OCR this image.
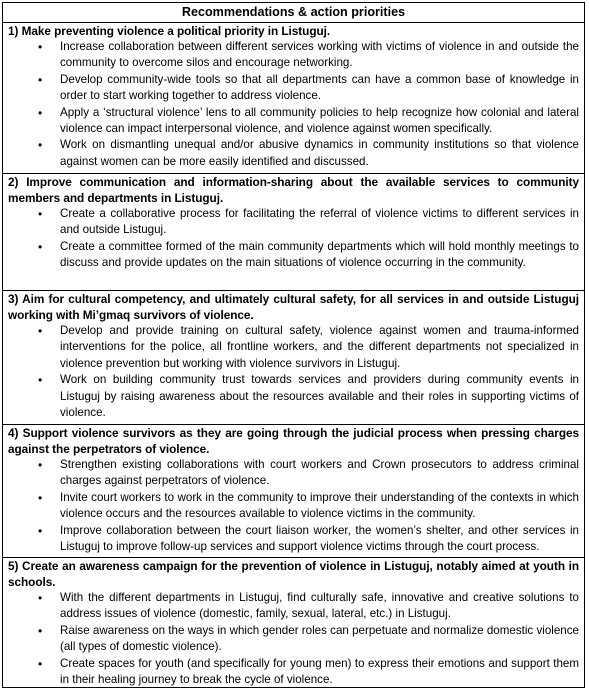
Recommendations & action priorities
1) Make preventing violence a political priority in Listuguj.
• Increase collaboration between different services working with victims of violence in and outside the community to overcome silos and encourage networking.
• Develop community-wide tools so that all departments can have a common base of knowledge in order to start working together to address violence.
• Apply a ‘structural violence’ lens to all community policies to help recognize how colonial and lateral violence can impact interpersonal violence, and violence against women specifically.
• Work on dismantling unequal and/or abusive dynamics in community institutions so that violence against women can be more easily identified and discussed.
2) Improve communication and information-sharing about the available services to community members and departments in Listuguj.
• Create a collaborative process for facilitating the referral of violence victims to different services in and outside Listuguj.
• Create a committee formed of the main community departments which will hold monthly meetings to discuss and provide updates on the main situations of violence occurring in the community.
3) Aim for cultural competency, and ultimately cultural safety, for all services in and outside Listuguj working with Mi’gmaq survivors of violence.
• Develop and provide training on cultural safety, violence against women and trauma-informed interventions for the police, all frontline workers, and the different departments not specialized in violence prevention but working with violence survivors in Listuguj.
• Work on building community trust towards services and providers during community events in Listuguj by raising awareness about the resources available and their roles in supporting victims of violence.
4) Support violence survivors as they are going through the judicial process when pressing charges against the perpetrators of violence.
• Strengthen existing collaborations with court workers and Crown prosecutors to address criminal charges against perpetrators of violence.
• Invite court workers to work in the community to improve their understanding of the contexts in which violence occurs and the resources available to violence victims in the community.
• Improve collaboration between the court liaison worker, the women’s shelter, and other services in Listuguj to improve follow-up services and support violence victims through the court process.
5) Create an awareness campaign for the prevention of violence in Listuguj, notably aimed at youth in schools.
• With the different departments in Listuguj, find culturally safe, innovative and creative solutions to address issues of violence (domestic, family, sexual, lateral, etc.) in Listuguj.
• Raise awareness on the ways in which gender roles can perpetuate and normalize domestic violence (all types of domestic violence).
• Create spaces for youth (and specifically for young men) to express their emotions and support them in their healing journey to break the cycle of violence.
